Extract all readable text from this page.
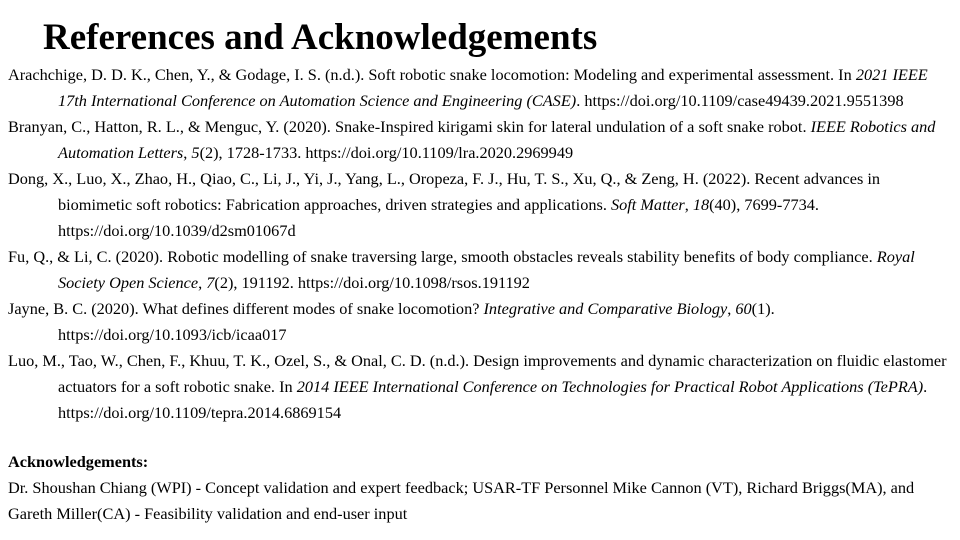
References and Acknowledgements
Arachchige, D. D. K., Chen, Y., & Godage, I. S. (n.d.). Soft robotic snake locomotion: Modeling and experimental assessment. In 2021 IEEE 17th International Conference on Automation Science and Engineering (CASE). https://doi.org/10.1109/case49439.2021.9551398
Branyan, C., Hatton, R. L., & Menguc, Y. (2020). Snake-Inspired kirigami skin for lateral undulation of a soft snake robot. IEEE Robotics and Automation Letters, 5(2), 1728-1733. https://doi.org/10.1109/lra.2020.2969949
Dong, X., Luo, X., Zhao, H., Qiao, C., Li, J., Yi, J., Yang, L., Oropeza, F. J., Hu, T. S., Xu, Q., & Zeng, H. (2022). Recent advances in biomimetic soft robotics: Fabrication approaches, driven strategies and applications. Soft Matter, 18(40), 7699-7734. https://doi.org/10.1039/d2sm01067d
Fu, Q., & Li, C. (2020). Robotic modelling of snake traversing large, smooth obstacles reveals stability benefits of body compliance. Royal Society Open Science, 7(2), 191192. https://doi.org/10.1098/rsos.191192
Jayne, B. C. (2020). What defines different modes of snake locomotion? Integrative and Comparative Biology, 60(1). https://doi.org/10.1093/icb/icaa017
Luo, M., Tao, W., Chen, F., Khuu, T. K., Ozel, S., & Onal, C. D. (n.d.). Design improvements and dynamic characterization on fluidic elastomer actuators for a soft robotic snake. In 2014 IEEE International Conference on Technologies for Practical Robot Applications (TePRA). https://doi.org/10.1109/tepra.2014.6869154
Acknowledgements:
Dr. Shoushan Chiang (WPI) - Concept validation and expert feedback; USAR-TF Personnel Mike Cannon (VT), Richard Briggs(MA), and Gareth Miller(CA) - Feasibility validation and end-user input
